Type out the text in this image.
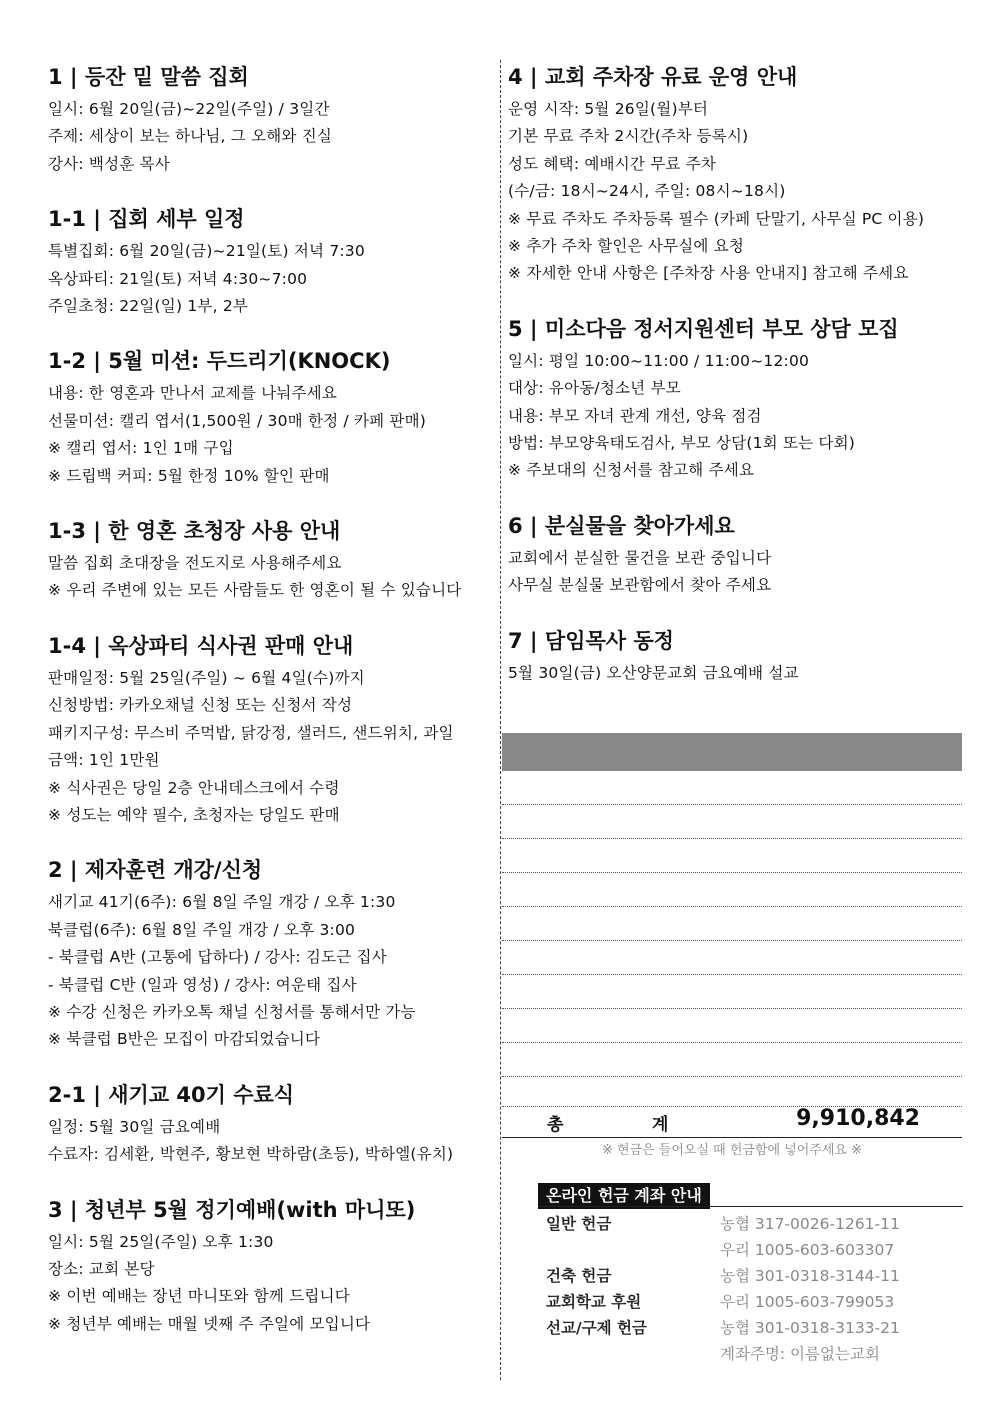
1 | 등잔 밑 말씀 집회
일시: 6월 20일(금)~22일(주일) / 3일간
주제: 세상이 보는 하나님, 그 오해와 진실
강사: 백성훈 목사
1-1 | 집회 세부 일정
특별집회: 6월 20일(금)~21일(토) 저녁 7:30
옥상파티: 21일(토) 저녁 4:30~7:00
주일초청: 22일(일) 1부, 2부
1-2 | 5월 미션: 두드리기(KNOCK)
내용: 한 영혼과 만나서 교제를 나눠주세요
선물미션: 캘리 엽서(1,500원 / 30매 한정 / 카페 판매)
※ 캘리 엽서: 1인 1매 구입
※ 드립백 커피: 5월 한정 10% 할인 판매
1-3 | 한 영혼 초청장 사용 안내
말씀 집회 초대장을 전도지로 사용해주세요
※ 우리 주변에 있는 모든 사람들도 한 영혼이 될 수 있습니다
1-4 | 옥상파티 식사권 판매 안내
판매일정: 5월 25일(주일) ~ 6월 4일(수)까지
신청방법: 카카오채널 신청 또는 신청서 작성
패키지구성: 무스비 주먹밥, 닭강정, 샐러드, 샌드위치, 과일
금액: 1인 1만원
※ 식사권은 당일 2층 안내데스크에서 수령
※ 성도는 예약 필수, 초청자는 당일도 판매
2 | 제자훈련 개강/신청
새기교 41기(6주): 6월 8일 주일 개강 / 오후 1:30
북클럽(6주): 6월 8일 주일 개강 / 오후 3:00
- 북클럽 A반 (고통에 답하다) / 강사: 김도근 집사
- 북클럽 C반 (일과 영성) / 강사: 여운태 집사
※ 수강 신청은 카카오톡 채널 신청서를 통해서만 가능
※ 북클럽 B반은 모집이 마감되었습니다
2-1 | 새기교 40기 수료식
일정: 5월 30일 금요예배
수료자: 김세환, 박현주, 황보현 박하람(초등), 박하엘(유치)
3 | 청년부 5월 정기예배(with 마니또)
일시: 5월 25일(주일) 오후 1:30
장소: 교회 본당
※ 이번 예배는 장년 마니또와 함께 드립니다
※ 청년부 예배는 매월 넷째 주 주일에 모입니다
4 | 교회 주차장 유료 운영 안내
운영 시작: 5월 26일(월)부터
기본 무료 주차 2시간(주차 등록시)
성도 혜택: 예배시간 무료 주차
(수/금: 18시~24시, 주일: 08시~18시)
※ 무료 주차도 주차등록 필수 (카페 단말기, 사무실 PC 이용)
※ 추가 주차 할인은 사무실에 요청
※ 자세한 안내 사항은 [주차장 사용 안내지] 참고해 주세요
5 | 미소다음 정서지원센터 부모 상담 모집
일시: 평일 10:00~11:00 / 11:00~12:00
대상: 유아동/청소년 부모
내용: 부모 자녀 관계 개선, 양육 점검
방법: 부모양육태도검사, 부모 상담(1회 또는 다회)
※ 주보대의 신청서를 참고해 주세요
6 | 분실물을 찾아가세요
교회에서 분실한 물건을 보관 중입니다
사무실 분실물 보관함에서 찾아 주세요
7 | 담임목사 동정
5월 30일(금) 오산양문교회 금요예배 설교
총	계	9,910,842
※ 현금은 들어오실 때 헌금함에 넣어주세요 ※
온라인 헌금 계좌 안내
일반 헌금	농협 317-0026-1261-11
우리 1005-603-603307
건축 헌금	농협 301-0318-3144-11
교회학교 후원	우리 1005-603-799053
선교/구제 헌금	농협 301-0318-3133-21
계좌주명: 이름없는교회
